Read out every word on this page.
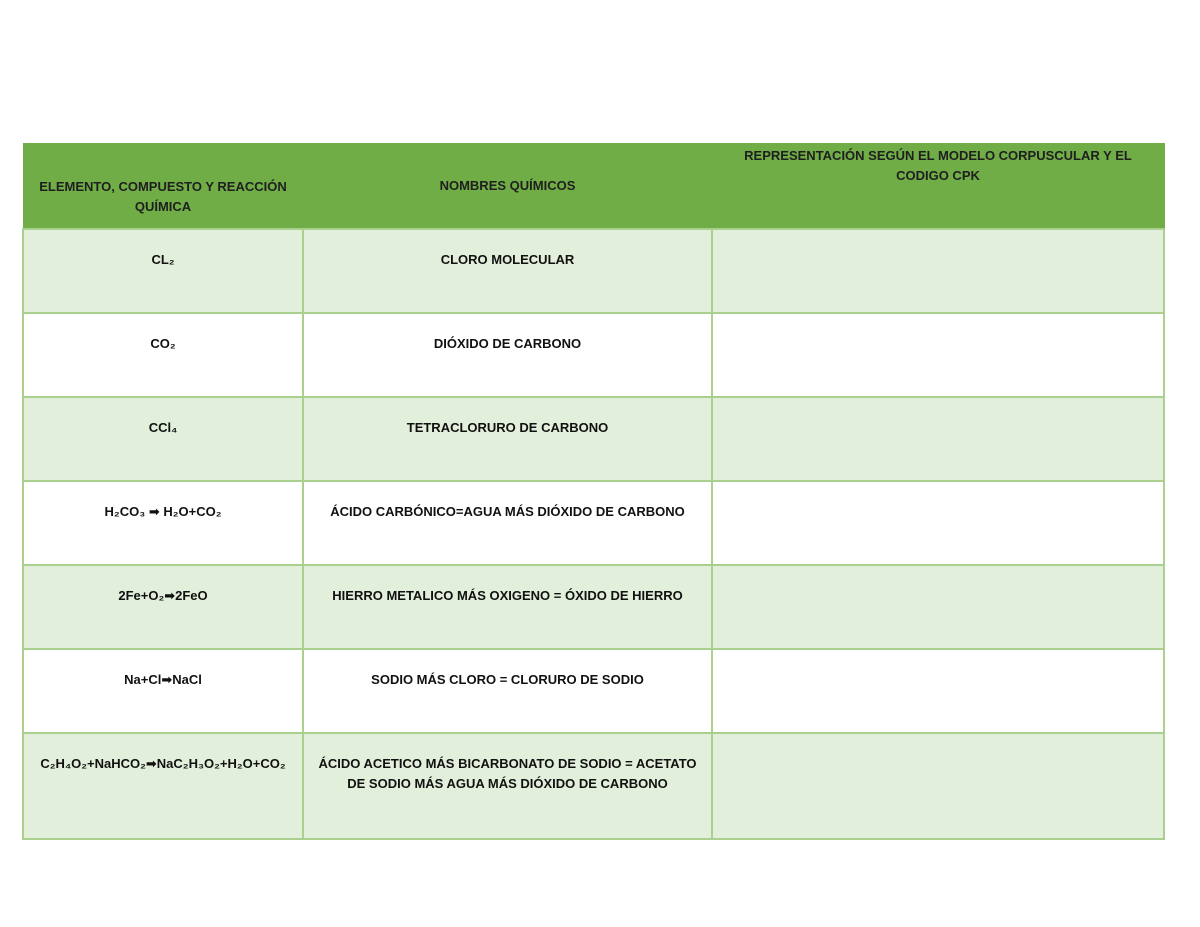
ELEMENTO, COMPUESTO Y REACCIÓN QUÍMICA	NOMBRES QUÍMICOS	REPRESENTACIÓN SEGÚN EL MODELO CORPUSCULAR Y EL CODIGO CPK
CL₂	CLORO MOLECULAR	
CO₂	DIÓXIDO DE CARBONO	
CCl₄	TETRACLORURO DE CARBONO	
H₂CO₃ ➡ H₂O+CO₂	ÁCIDO CARBÓNICO=AGUA MÁS DIÓXIDO DE CARBONO	
2Fe+O₂➡2FeO	HIERRO METALICO MÁS OXIGENO = ÓXIDO DE HIERRO	
Na+Cl➡NaCl	SODIO MÁS CLORO = CLORURO DE SODIO	
C₂H₄O₂+NaHCO₂➡NaC₂H₃O₂+H₂O+CO₂	ÁCIDO ACETICO MÁS BICARBONATO DE SODIO = ACETATO DE SODIO MÁS AGUA MÁS DIÓXIDO DE CARBONO	
